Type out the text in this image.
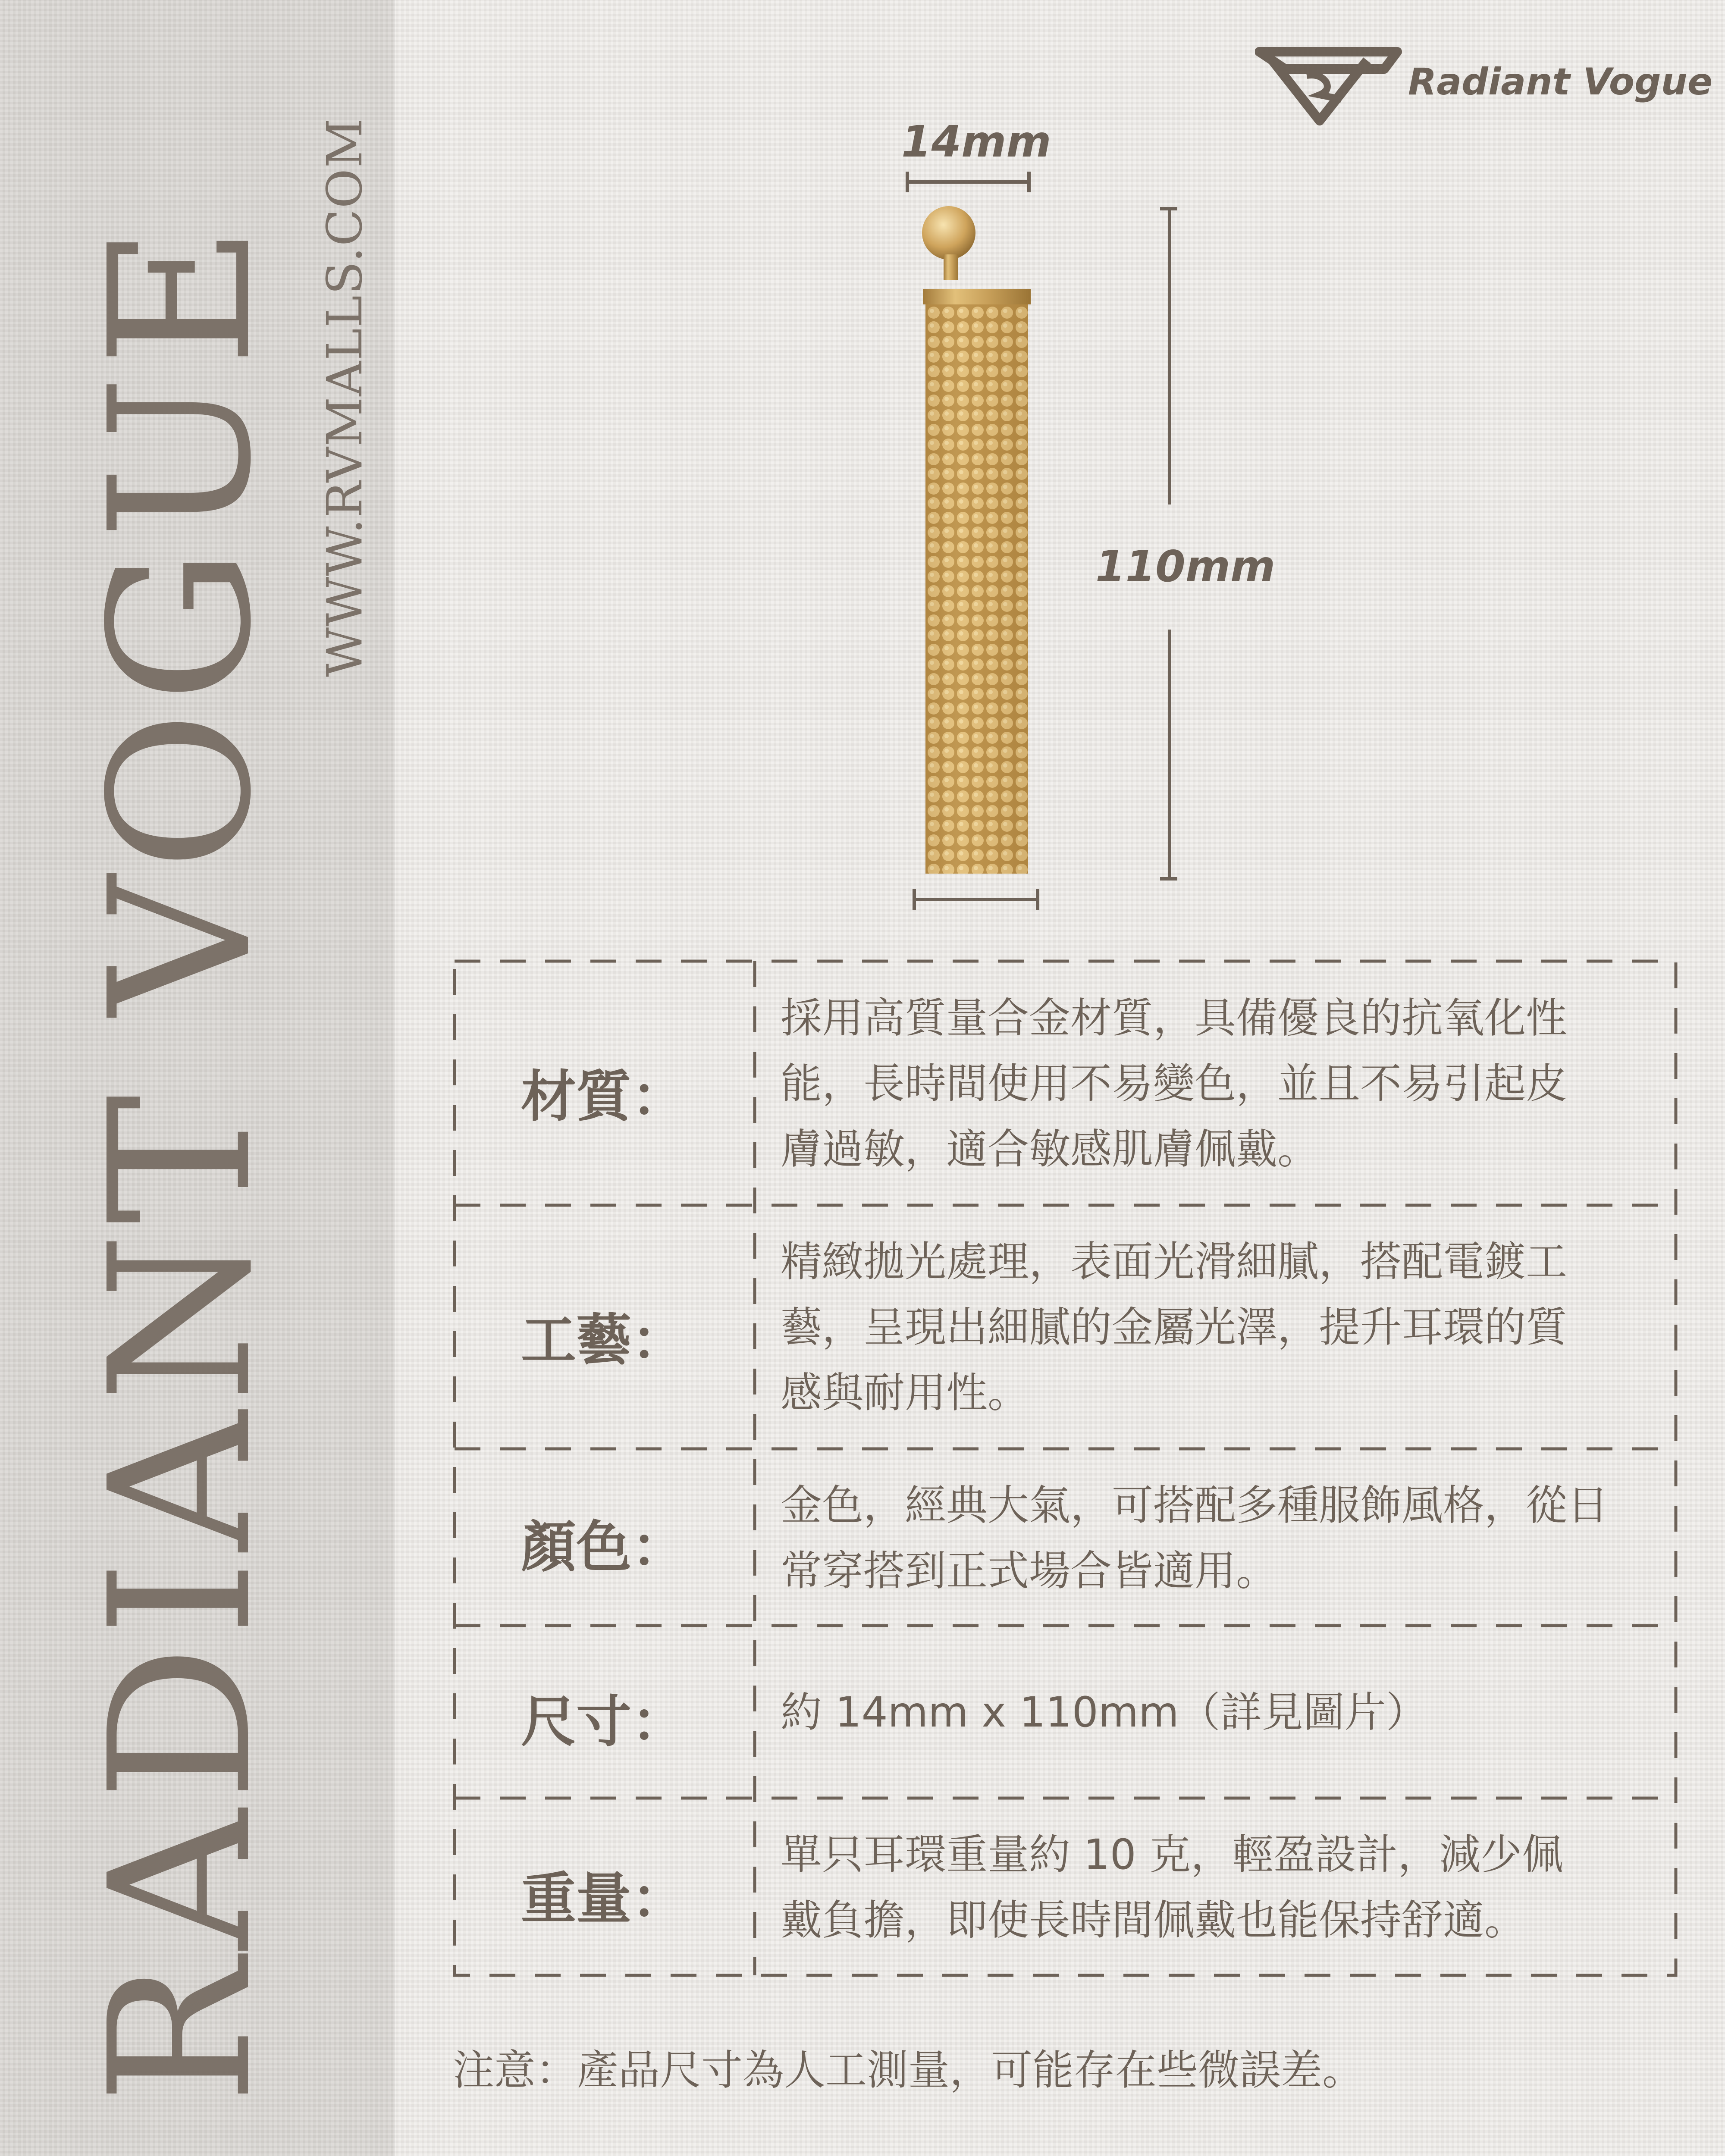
RADIANT VOGUE WWW.RVMALLS.COM
Radiant Vogue
14mm
110mm
材質：
採用高質量合金材質，具備優良的抗氧化性
能，長時間使用不易變色，並且不易引起皮
膚過敏，適合敏感肌膚佩戴。
工藝：
精緻拋光處理，表面光滑細膩，搭配電鍍工
藝，呈現出細膩的金屬光澤，提升耳環的質
感與耐用性。
顏色：
金色，經典大氣，可搭配多種服飾風格，從日
常穿搭到正式場合皆適用。
尺寸：	約 14mm x 110mm（詳見圖片）
重量：
單只耳環重量約 10 克，輕盈設計，減少佩
戴負擔，即使長時間佩戴也能保持舒適。
注意：產品尺寸為人工測量，可能存在些微誤差。
